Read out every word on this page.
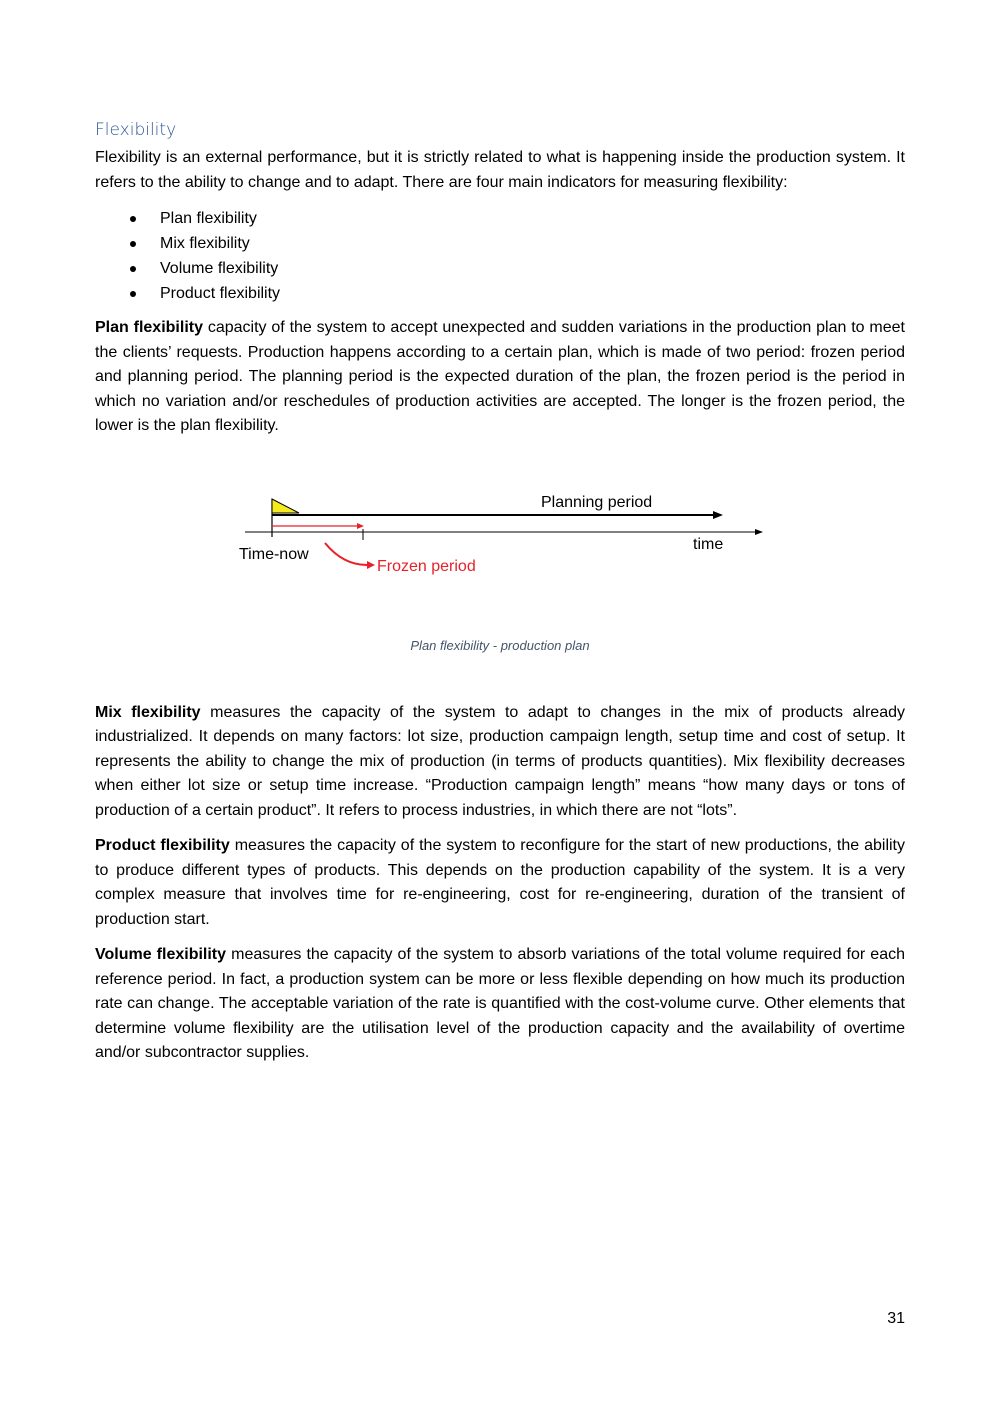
Flexibility

Flexibility is an external performance, but it is strictly related to what is happening inside the production system. It refers to the ability to change and to adapt. There are four main indicators for measuring flexibility:

Plan flexibility
Mix flexibility
Volume flexibility
Product flexibility

Plan flexibility capacity of the system to accept unexpected and sudden variations in the production plan to meet the clients’ requests. Production happens according to a certain plan, which is made of two period: frozen period and planning period. The planning period is the expected duration of the plan, the frozen period is the period in which no variation and/or reschedules of production activities are accepted. The longer is the frozen period, the lower is the plan flexibility.

Planning period
time
Time-now
Frozen period
Plan flexibility - production plan

Mix flexibility measures the capacity of the system to adapt to changes in the mix of products already industrialized. It depends on many factors: lot size, production campaign length, setup time and cost of setup. It represents the ability to change the mix of production (in terms of products quantities). Mix flexibility decreases when either lot size or setup time increase. “Production campaign length” means “how many days or tons of production of a certain product”. It refers to process industries, in which there are not “lots”.

Product flexibility measures the capacity of the system to reconfigure for the start of new productions, the ability to produce different types of products. This depends on the production capability of the system. It is a very complex measure that involves time for re-engineering, cost for re-engineering, duration of the transient of production start.

Volume flexibility measures the capacity of the system to absorb variations of the total volume required for each reference period. In fact, a production system can be more or less flexible depending on how much its production rate can change. The acceptable variation of the rate is quantified with the cost-volume curve. Other elements that determine volume flexibility are the utilisation level of the production capacity and the availability of overtime and/or subcontractor supplies.

31
